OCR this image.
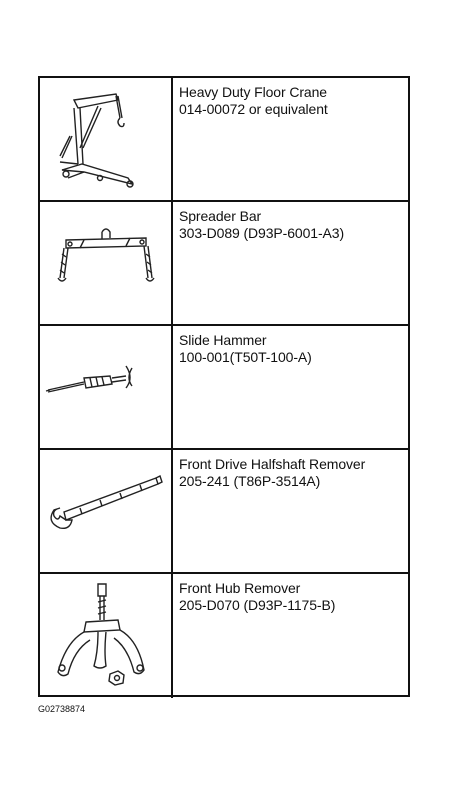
Heavy Duty Floor Crane
014-00072 or equivalent
Spreader Bar
303-D089 (D93P-6001-A3)
Slide Hammer
100-001(T50T-100-A)
Front Drive Halfshaft Remover
205-241 (T86P-3514A)
Front Hub Remover
205-D070 (D93P-1175-B)
G02738874
